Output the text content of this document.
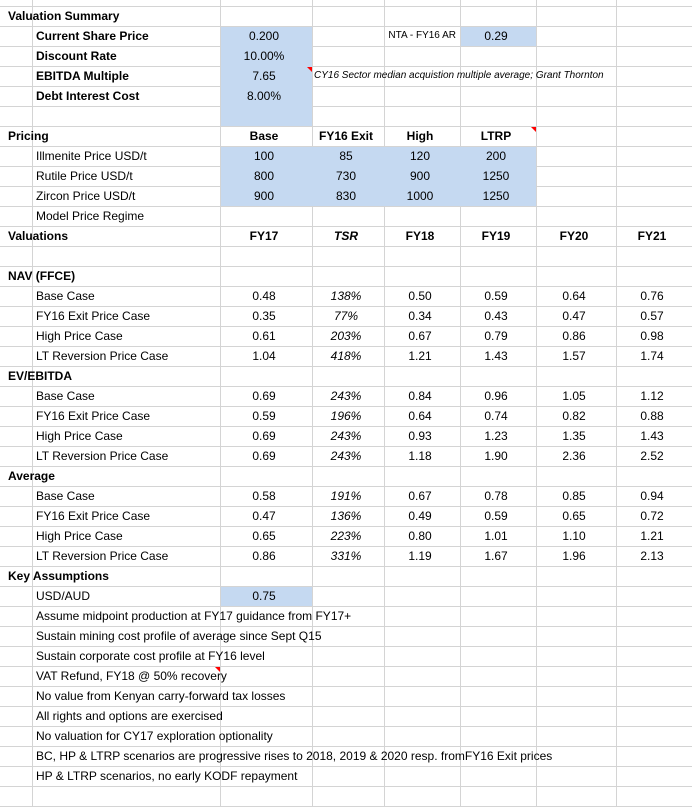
Valuation Summary
Current Share Price	0.200	NTA - FY16 AR	0.29
Discount Rate	10.00%
EBITDA Multiple	7.65	CY16 Sector median acquistion multiple average; Grant Thornton
Debt Interest Cost	8.00%
Pricing	Base	FY16 Exit	High	LTRP
Illmenite Price USD/t	100	85	120	200
Rutile Price USD/t	800	730	900	1250
Zircon Price USD/t	900	830	1000	1250
Model Price Regime
Valuations	FY17	TSR	FY18	FY19	FY20	FY21
NAV (FFCE)
Base Case	0.48	138%	0.50	0.59	0.64	0.76
FY16 Exit Price Case	0.35	77%	0.34	0.43	0.47	0.57
High Price Case	0.61	203%	0.67	0.79	0.86	0.98
LT Reversion Price Case	1.04	418%	1.21	1.43	1.57	1.74
EV/EBITDA
Base Case	0.69	243%	0.84	0.96	1.05	1.12
FY16 Exit Price Case	0.59	196%	0.64	0.74	0.82	0.88
High Price Case	0.69	243%	0.93	1.23	1.35	1.43
LT Reversion Price Case	0.69	243%	1.18	1.90	2.36	2.52
Average
Base Case	0.58	191%	0.67	0.78	0.85	0.94
FY16 Exit Price Case	0.47	136%	0.49	0.59	0.65	0.72
High Price Case	0.65	223%	0.80	1.01	1.10	1.21
LT Reversion Price Case	0.86	331%	1.19	1.67	1.96	2.13
Key Assumptions
USD/AUD	0.75
Assume midpoint production at FY17 guidance from FY17+
Sustain mining cost profile of average since Sept Q15
Sustain corporate cost profile at FY16 level
VAT Refund, FY18 @ 50% recovery
No value from Kenyan carry-forward tax losses
All rights and options are exercised
No valuation for CY17 exploration optionality
BC, HP & LTRP scenarios are progressive rises to 2018, 2019 & 2020 resp. fromFY16 Exit prices
HP & LTRP scenarios, no early KODF repayment
